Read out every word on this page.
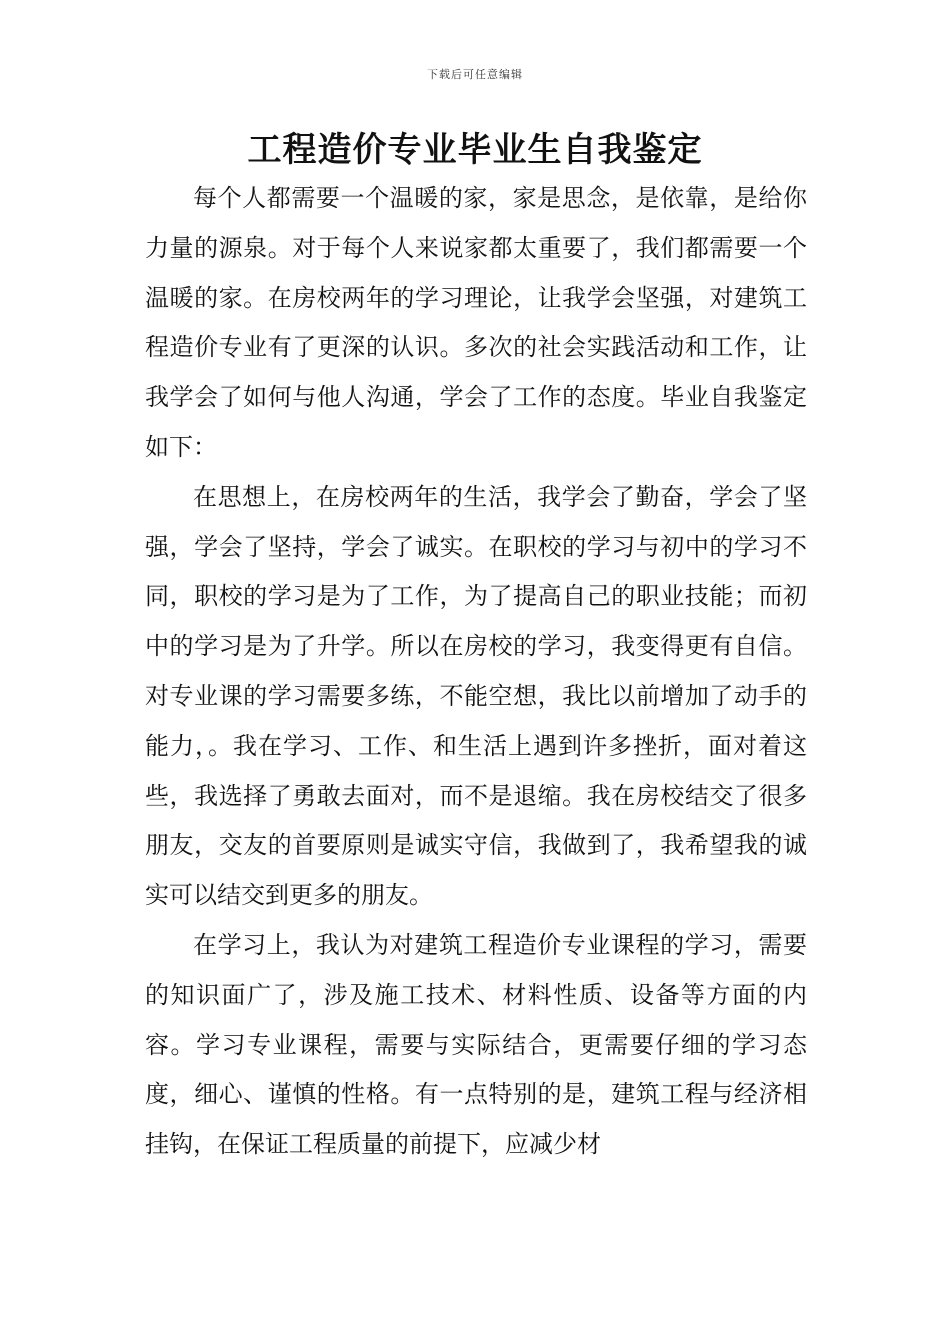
下载后可任意编辑
工程造价专业毕业生自我鉴定

每个人都需要一个温暖的家，家是思念，是依靠，是给你力量的源泉。对于每个人来说家都太重要了，我们都需要一个温暖的家。在房校两年的学习理论，让我学会坚强，对建筑工程造价专业有了更深的认识。多次的社会实践活动和工作，让我学会了如何与他人沟通，学会了工作的态度。毕业自我鉴定如下：

在思想上，在房校两年的生活，我学会了勤奋，学会了坚强，学会了坚持，学会了诚实。在职校的学习与初中的学习不同，职校的学习是为了工作，为了提高自己的职业技能；而初中的学习是为了升学。所以在房校的学习，我变得更有自信。对专业课的学习需要多练，不能空想，我比以前增加了动手的能力，。我在学习、工作、和生活上遇到许多挫折，面对着这些，我选择了勇敢去面对，而不是退缩。我在房校结交了很多朋友，交友的首要原则是诚实守信，我做到了，我希望我的诚实可以结交到更多的朋友。

在学习上，我认为对建筑工程造价专业课程的学习，需要的知识面广了，涉及施工技术、材料性质、设备等方面的内容。学习专业课程，需要与实际结合，更需要仔细的学习态度，细心、谨慎的性格。有一点特别的是，建筑工程与经济相挂钩，在保证工程质量的前提下，应减少材
